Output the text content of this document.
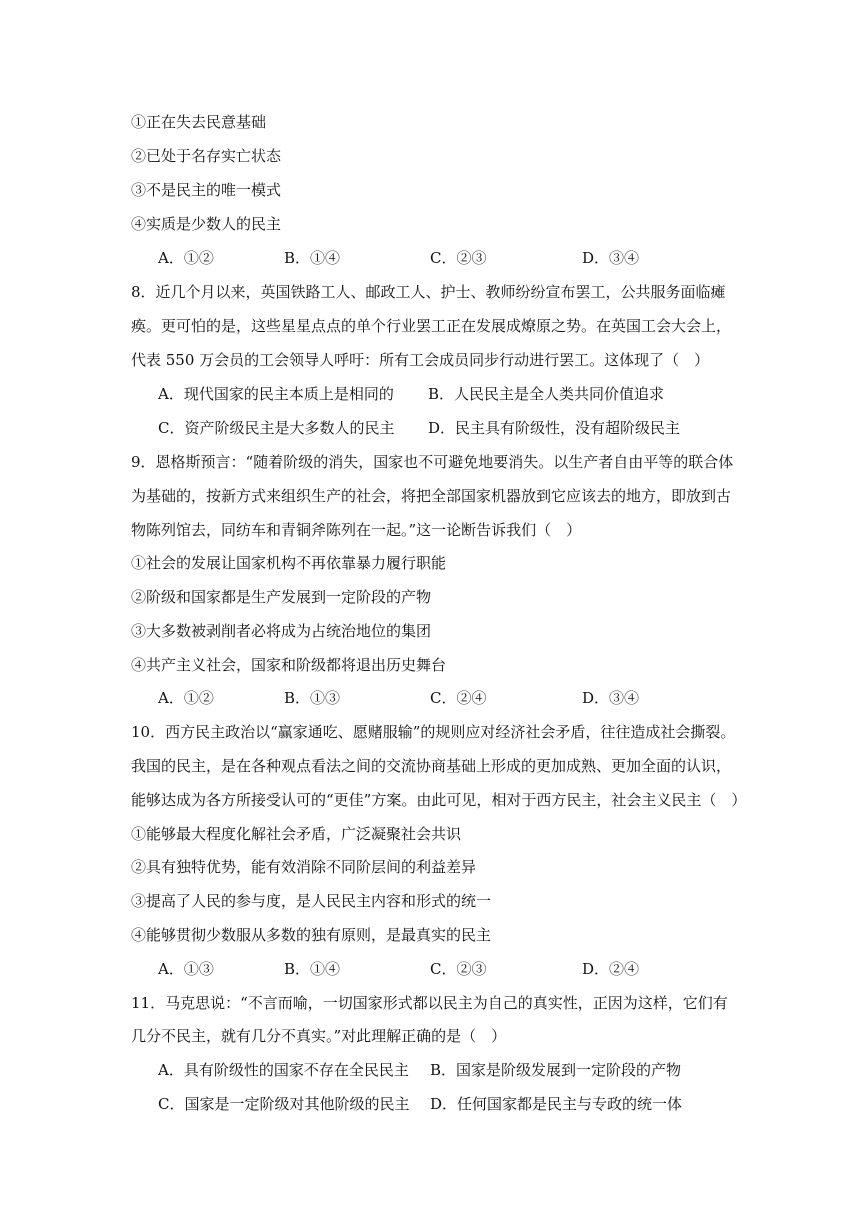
①正在失去民意基础
②已处于名存实亡状态
③不是民主的唯一模式
④实质是少数人的民主
A．①②	B．①④	C．②③	D．③④
8．近几个月以来，英国铁路工人、邮政工人、护士、教师纷纷宣布罢工，公共服务面临瘫
痪。更可怕的是，这些星星点点的单个行业罢工正在发展成燎原之势。在英国工会大会上，
代表 550 万会员的工会领导人呼吁：所有工会成员同步行动进行罢工。这体现了（　）
A．现代国家的民主本质上是相同的 B．人民民主是全人类共同价值追求
C．资产阶级民主是大多数人的民主 D．民主具有阶级性，没有超阶级民主
9．恩格斯预言：“随着阶级的消失，国家也不可避免地要消失。以生产者自由平等的联合体
为基础的，按新方式来组织生产的社会，将把全部国家机器放到它应该去的地方，即放到古
物陈列馆去，同纺车和青铜斧陈列在一起。”这一论断告诉我们（　）
①社会的发展让国家机构不再依靠暴力履行职能
②阶级和国家都是生产发展到一定阶段的产物
③大多数被剥削者必将成为占统治地位的集团
④共产主义社会，国家和阶级都将退出历史舞台
A．①②	B．①③	C．②④	D．③④
10．西方民主政治以“赢家通吃、愿赌服输”的规则应对经济社会矛盾，往往造成社会撕裂。
我国的民主，是在各种观点看法之间的交流协商基础上形成的更加成熟、更加全面的认识，
能够达成为各方所接受认可的“更佳”方案。由此可见，相对于西方民主，社会主义民主（　）
①能够最大程度化解社会矛盾，广泛凝聚社会共识
②具有独特优势，能有效消除不同阶层间的利益差异
③提高了人民的参与度，是人民民主内容和形式的统一
④能够贯彻少数服从多数的独有原则，是最真实的民主
A．①③	B．①④	C．②③	D．②④
11．马克思说：“不言而喻，一切国家形式都以民主为自己的真实性，正因为这样，它们有
几分不民主，就有几分不真实。”对此理解正确的是（　）
A．具有阶级性的国家不存在全民民主 B．国家是阶级发展到一定阶段的产物
C．国家是一定阶级对其他阶级的民主 D．任何国家都是民主与专政的统一体
